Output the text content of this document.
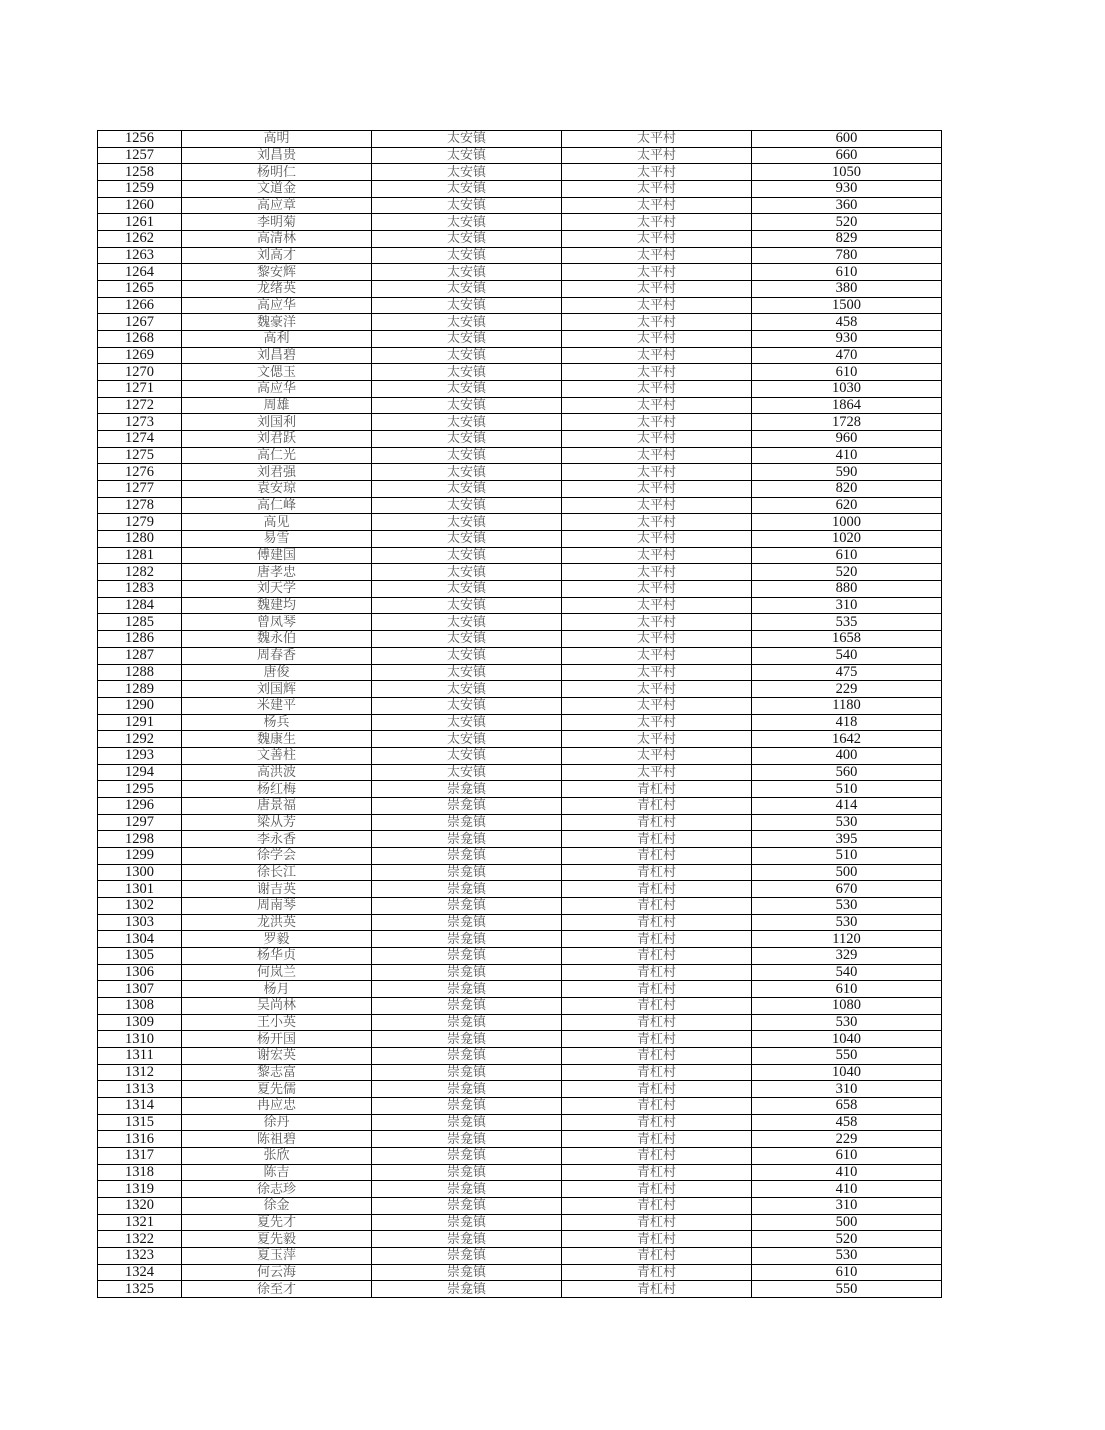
1256	高明	太安镇	太平村	600
1257	刘昌贵	太安镇	太平村	660
1258	杨明仁	太安镇	太平村	1050
1259	文道金	太安镇	太平村	930
1260	高应章	太安镇	太平村	360
1261	李明菊	太安镇	太平村	520
1262	高清林	太安镇	太平村	829
1263	刘高才	太安镇	太平村	780
1264	黎安辉	太安镇	太平村	610
1265	龙绪英	太安镇	太平村	380
1266	高应华	太安镇	太平村	1500
1267	魏豪洋	太安镇	太平村	458
1268	高利	太安镇	太平村	930
1269	刘昌碧	太安镇	太平村	470
1270	文偲玉	太安镇	太平村	610
1271	高应华	太安镇	太平村	1030
1272	周雄	太安镇	太平村	1864
1273	刘国利	太安镇	太平村	1728
1274	刘君跃	太安镇	太平村	960
1275	高仁光	太安镇	太平村	410
1276	刘君强	太安镇	太平村	590
1277	袁安琼	太安镇	太平村	820
1278	高仁峰	太安镇	太平村	620
1279	高见	太安镇	太平村	1000
1280	易雪	太安镇	太平村	1020
1281	傅建国	太安镇	太平村	610
1282	唐孝忠	太安镇	太平村	520
1283	刘天学	太安镇	太平村	880
1284	魏建均	太安镇	太平村	310
1285	曾凤琴	太安镇	太平村	535
1286	魏永伯	太安镇	太平村	1658
1287	周春香	太安镇	太平村	540
1288	唐俊	太安镇	太平村	475
1289	刘国辉	太安镇	太平村	229
1290	米建平	太安镇	太平村	1180
1291	杨兵	太安镇	太平村	418
1292	魏康生	太安镇	太平村	1642
1293	文善柱	太安镇	太平村	400
1294	高洪波	太安镇	太平村	560
1295	杨红梅	崇龛镇	青杠村	510
1296	唐景福	崇龛镇	青杠村	414
1297	梁从芳	崇龛镇	青杠村	530
1298	李永香	崇龛镇	青杠村	395
1299	徐学会	崇龛镇	青杠村	510
1300	徐长江	崇龛镇	青杠村	500
1301	谢吉英	崇龛镇	青杠村	670
1302	周南琴	崇龛镇	青杠村	530
1303	龙洪英	崇龛镇	青杠村	530
1304	罗毅	崇龛镇	青杠村	1120
1305	杨华贞	崇龛镇	青杠村	329
1306	何岚兰	崇龛镇	青杠村	540
1307	杨月	崇龛镇	青杠村	610
1308	吴尚林	崇龛镇	青杠村	1080
1309	王小英	崇龛镇	青杠村	530
1310	杨开国	崇龛镇	青杠村	1040
1311	谢宏英	崇龛镇	青杠村	550
1312	黎志富	崇龛镇	青杠村	1040
1313	夏先儒	崇龛镇	青杠村	310
1314	冉应忠	崇龛镇	青杠村	658
1315	徐丹	崇龛镇	青杠村	458
1316	陈祖碧	崇龛镇	青杠村	229
1317	张欣	崇龛镇	青杠村	610
1318	陈吉	崇龛镇	青杠村	410
1319	徐志珍	崇龛镇	青杠村	410
1320	徐金	崇龛镇	青杠村	310
1321	夏先才	崇龛镇	青杠村	500
1322	夏先毅	崇龛镇	青杠村	520
1323	夏玉萍	崇龛镇	青杠村	530
1324	何云海	崇龛镇	青杠村	610
1325	徐至才	崇龛镇	青杠村	550
